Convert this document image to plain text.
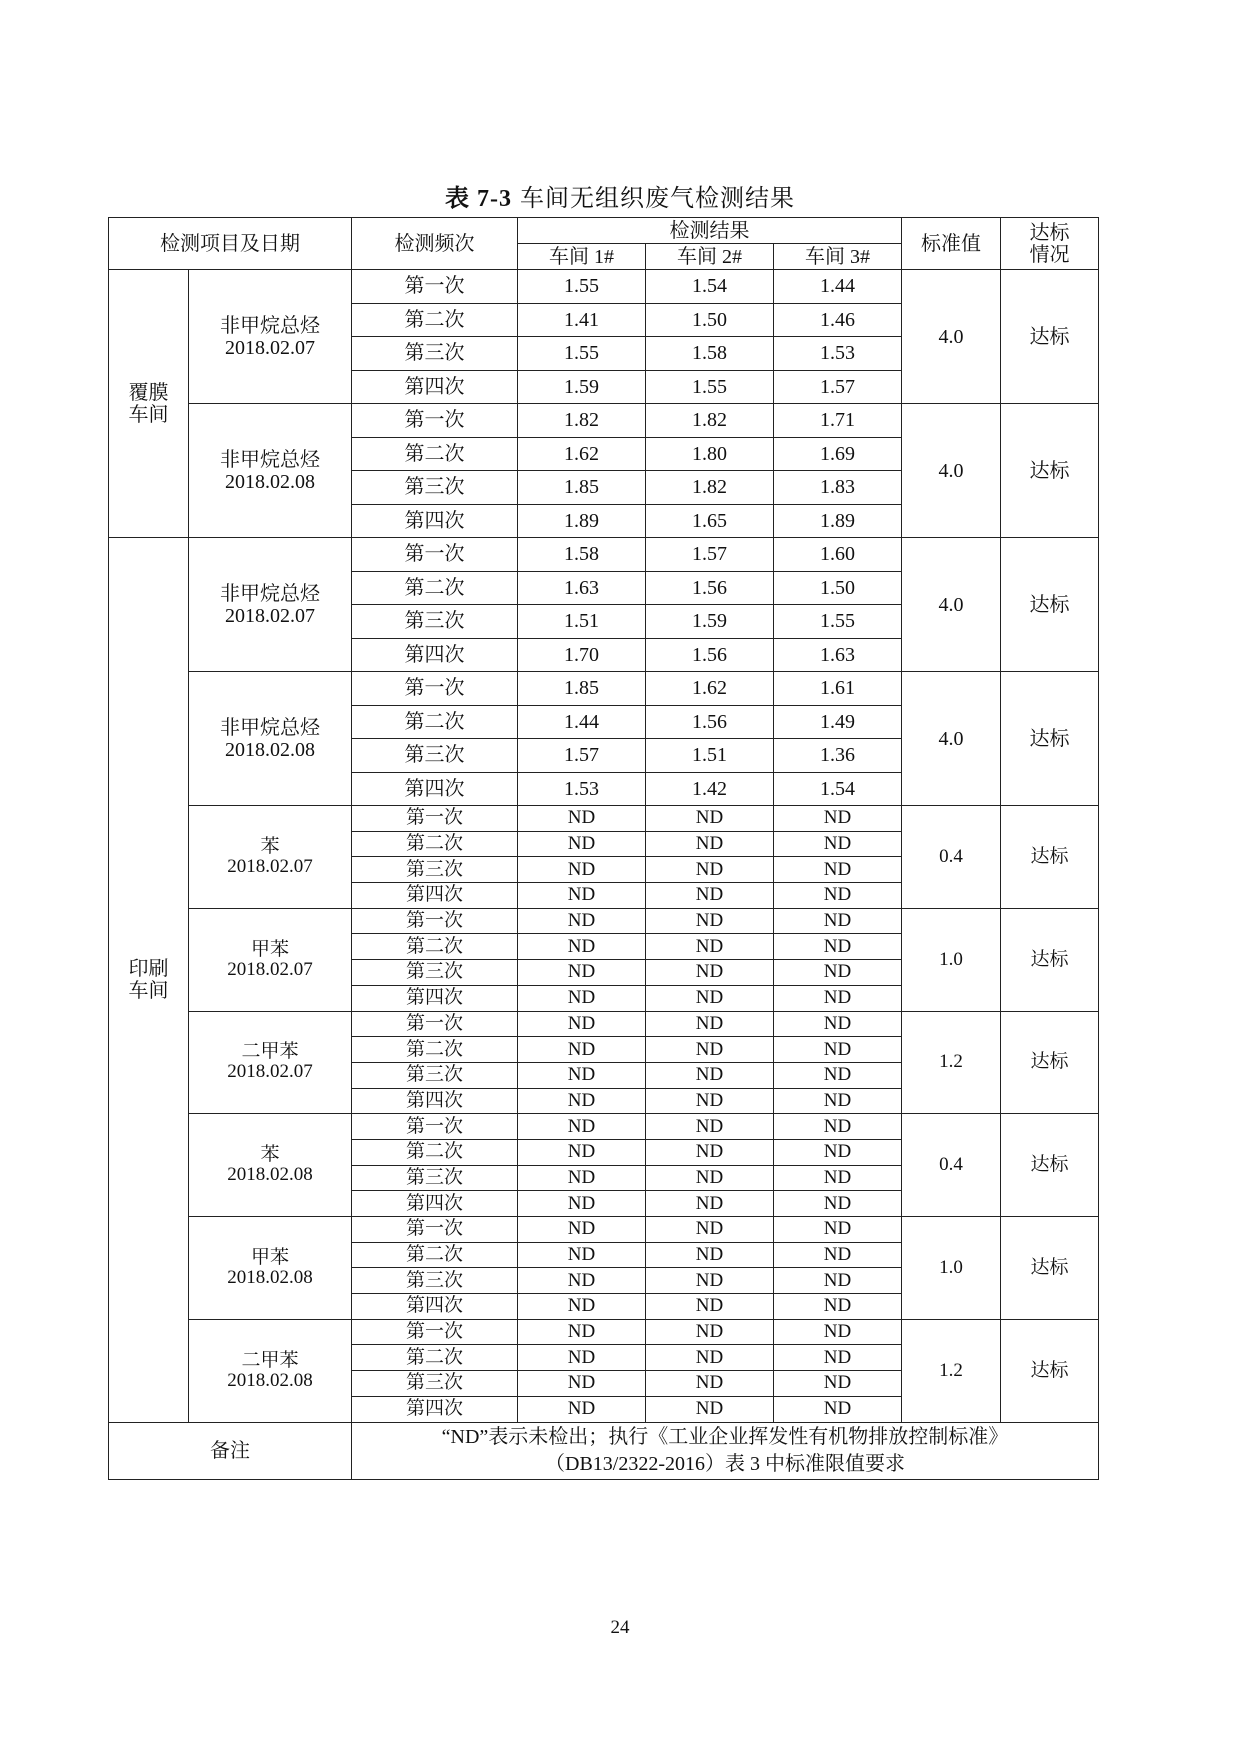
表 7-3 车间无组织废气检测结果
检测项目及日期		检测频次	检测结果			标准值	达标
情况
			车间 1#	车间 2#	车间 3#		
覆膜
车间	非甲烷总烃
2018.02.07	第一次	1.55	1.54	1.44	4.0	达标
		第二次	1.41	1.50	1.46		
		第三次	1.55	1.58	1.53		
		第四次	1.59	1.55	1.57		
	非甲烷总烃
2018.02.08	第一次	1.82	1.82	1.71	4.0	达标
		第二次	1.62	1.80	1.69		
		第三次	1.85	1.82	1.83		
		第四次	1.89	1.65	1.89		
印刷
车间	非甲烷总烃
2018.02.07	第一次	1.58	1.57	1.60	4.0	达标
		第二次	1.63	1.56	1.50		
		第三次	1.51	1.59	1.55		
		第四次	1.70	1.56	1.63		
	非甲烷总烃
2018.02.08	第一次	1.85	1.62	1.61	4.0	达标
		第二次	1.44	1.56	1.49		
		第三次	1.57	1.51	1.36		
		第四次	1.53	1.42	1.54		
	苯
2018.02.07	第一次	ND	ND	ND	0.4	达标
		第二次	ND	ND	ND		
		第三次	ND	ND	ND		
		第四次	ND	ND	ND		
	甲苯
2018.02.07	第一次	ND	ND	ND	1.0	达标
		第二次	ND	ND	ND		
		第三次	ND	ND	ND		
		第四次	ND	ND	ND		
	二甲苯
2018.02.07	第一次	ND	ND	ND	1.2	达标
		第二次	ND	ND	ND		
		第三次	ND	ND	ND		
		第四次	ND	ND	ND		
	苯
2018.02.08	第一次	ND	ND	ND	0.4	达标
		第二次	ND	ND	ND		
		第三次	ND	ND	ND		
		第四次	ND	ND	ND		
	甲苯
2018.02.08	第一次	ND	ND	ND	1.0	达标
		第二次	ND	ND	ND		
		第三次	ND	ND	ND		
		第四次	ND	ND	ND		
	二甲苯
2018.02.08	第一次	ND	ND	ND	1.2	达标
		第二次	ND	ND	ND		
		第三次	ND	ND	ND		
		第四次	ND	ND	ND		
备注		“ND”表示未检出；执行《工业企业挥发性有机物排放控制标准》
（DB13/2322-2016）表 3 中标准限值要求					
24
